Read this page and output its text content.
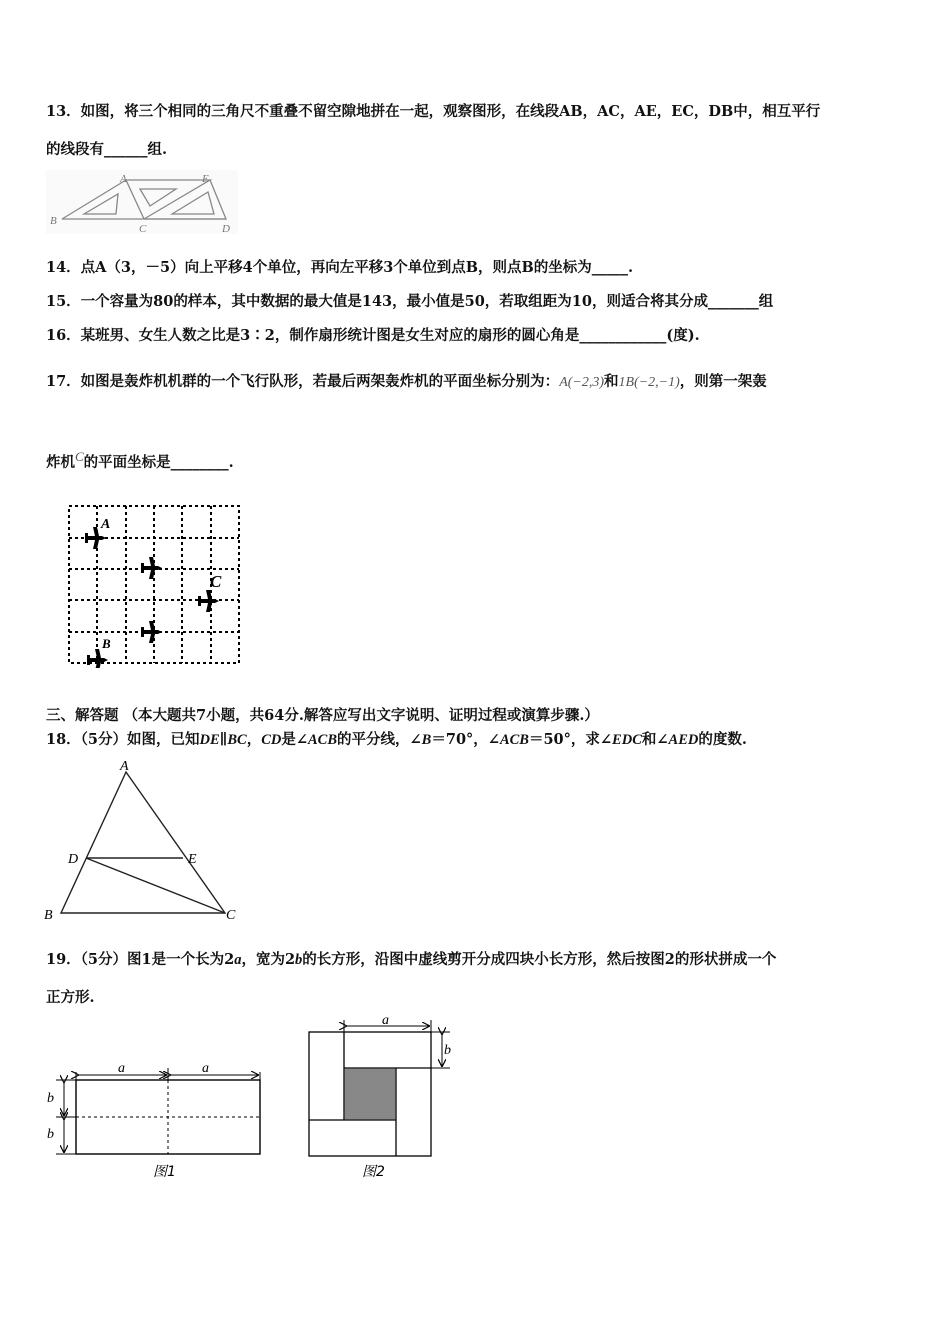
13．如图，将三个相同的三角尺不重叠不留空隙地拼在一起，观察图形，在线段AB，AC，AE，EC，DB中，相互平行
的线段有______组.
A
B
C	D
E
14．点A（3，－5）向上平移4个单位，再向左平移3个单位到点B，则点B的坐标为_____.
15．一个容量为80的样本，其中数据的最大值是143，最小值是50，若取组距为10，则适合将其分成_______组
16．某班男、女生人数之比是3∶2，制作扇形统计图是女生对应的扇形的圆心角是____________(度).
17．如图是轰炸机机群的一个飞行队形，若最后两架轰炸机的平面坐标分别为：A(−2,3)和1B(−2,−1)，则第一架轰
炸机$^C$的平面坐标是________.
A
C
B
三、解答题 （本大题共7小题，共64分.解答应写出文字说明、证明过程或演算步骤.）
18．（5分）如图，已知DE∥BC，CD是∠ACB的平分线，∠B＝70°，∠ACB＝50°，求∠EDC和∠AED的度数.
A
B	C
D	E
19．（5分）图1是一个长为2a，宽为2b的长方形，沿图中虚线剪开分成四块小长方形，然后按图2的形状拼成一个
正方形.
a	a
b
b
图1
a
b
图2
